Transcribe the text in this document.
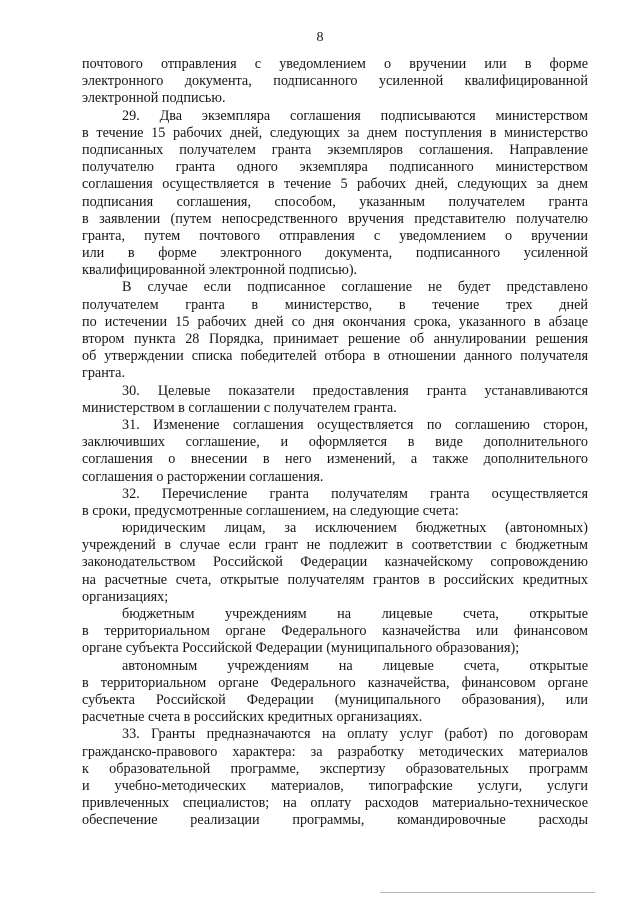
8
почтового отправления с уведомлением о вручении или в форме
электронного документа, подписанного усиленной квалифицированной
электронной подписью.
29. Два экземпляра соглашения подписываются министерством
в течение 15 рабочих дней, следующих за днем поступления в министерство
подписанных получателем гранта экземпляров соглашения. Направление
получателю гранта одного экземпляра подписанного министерством
соглашения осуществляется в течение 5 рабочих дней, следующих за днем
подписания соглашения, способом, указанным получателем гранта
в заявлении (путем непосредственного вручения представителю получателю
гранта, путем почтового отправления с уведомлением о вручении
или в форме электронного документа, подписанного усиленной
квалифицированной электронной подписью).
В случае если подписанное соглашение не будет представлено
получателем гранта в министерство, в течение трех дней
по истечении 15 рабочих дней со дня окончания срока, указанного в абзаце
втором пункта 28 Порядка, принимает решение об аннулировании решения
об утверждении списка победителей отбора в отношении данного получателя
гранта.
30. Целевые показатели предоставления гранта устанавливаются
министерством в соглашении с получателем гранта.
31. Изменение соглашения осуществляется по соглашению сторон,
заключивших соглашение, и оформляется в виде дополнительного
соглашения о внесении в него изменений, а также дополнительного
соглашения о расторжении соглашения.
32. Перечисление гранта получателям гранта осуществляется
в сроки, предусмотренные соглашением, на следующие счета:
юридическим лицам, за исключением бюджетных (автономных)
учреждений в случае если грант не подлежит в соответствии с бюджетным
законодательством Российской Федерации казначейскому сопровождению
на расчетные счета, открытые получателям грантов в российских кредитных
организациях;
бюджетным учреждениям на лицевые счета, открытые
в территориальном органе Федерального казначейства или финансовом
органе субъекта Российской Федерации (муниципального образования);
автономным учреждениям на лицевые счета, открытые
в территориальном органе Федерального казначейства, финансовом органе
субъекта Российской Федерации (муниципального образования), или
расчетные счета в российских кредитных организациях.
33. Гранты предназначаются на оплату услуг (работ) по договорам
гражданско-правового характера: за разработку методических материалов
к образовательной программе, экспертизу образовательных программ
и учебно-методических материалов, типографские услуги, услуги
привлеченных специалистов; на оплату расходов материально-техническое
обеспечение реализации программы, командировочные расходы
